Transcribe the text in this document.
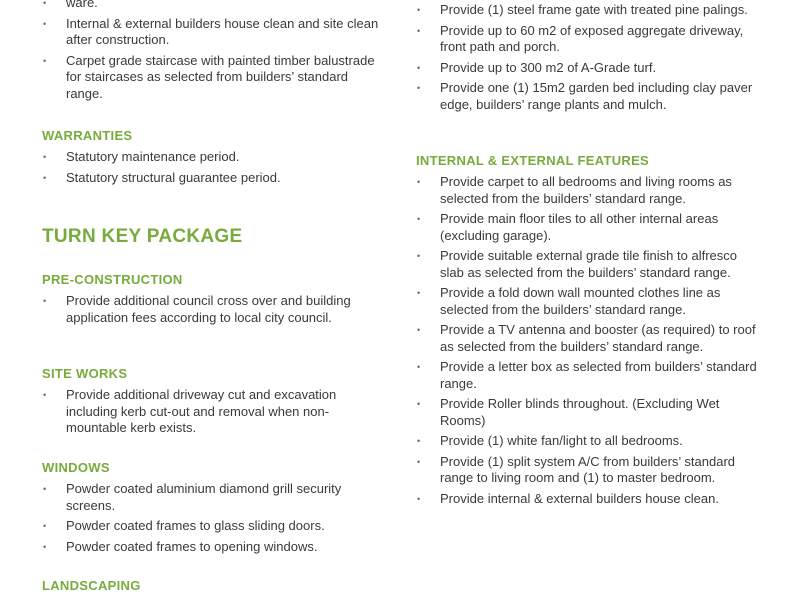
• ware.
• Internal & external builders house clean and site clean after construction.
• Carpet grade staircase with painted timber balustrade for staircases as selected from builders’ standard range.
WARRANTIES
• Statutory maintenance period.
• Statutory structural guarantee period.
TURN KEY PACKAGE
PRE-CONSTRUCTION
• Provide additional council cross over and building application fees according to local city council.
SITE WORKS
• Provide additional driveway cut and excavation including kerb cut-out and removal when non-mountable kerb exists.
WINDOWS
• Powder coated aluminium diamond grill security screens.
• Powder coated frames to glass sliding doors.
• Powder coated frames to opening windows.
LANDSCAPING
• Provide (1) steel frame gate with treated pine palings.
• Provide up to 60 m2 of exposed aggregate driveway, front path and porch.
• Provide up to 300 m2 of A-Grade turf.
• Provide one (1) 15m2 garden bed including clay paver edge, builders’ range plants and mulch.
INTERNAL & EXTERNAL FEATURES
• Provide carpet to all bedrooms and living rooms as selected from the builders’ standard range.
• Provide main floor tiles to all other internal areas (excluding garage).
• Provide suitable external grade tile finish to alfresco slab as selected from the builders’ standard range.
• Provide a fold down wall mounted clothes line as selected from the builders’ standard range.
• Provide a TV antenna and booster (as required) to roof as selected from the builders’ standard range.
• Provide a letter box as selected from builders’ standard range.
• Provide Roller blinds throughout. (Excluding Wet Rooms)
• Provide (1) white fan/light to all bedrooms.
• Provide (1) split system A/C from builders’ standard range to living room and (1) to master bedroom.
• Provide internal & external builders house clean.
